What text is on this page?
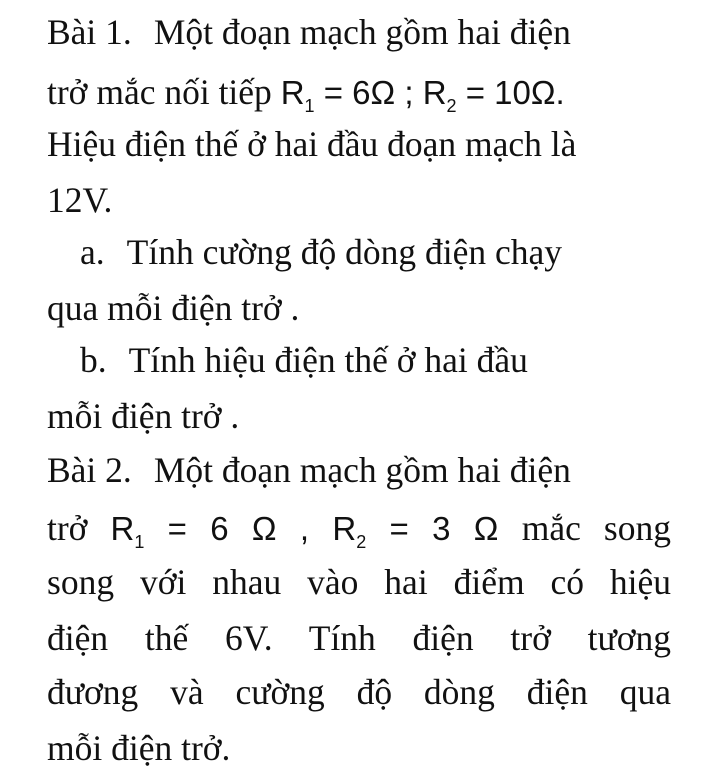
Bài 1. Một đoạn mạch gồm hai điện
trở mắc nối tiếp $R_1 = 6\Omega$ ; $R_2 = 10\Omega$.
Hiệu điện thế ở hai đầu đoạn mạch là
12V.
a. Tính cường độ dòng điện chạy
qua mỗi điện trở .
b. Tính hiệu điện thế ở hai đầu
mỗi điện trở .
Bài 2. Một đoạn mạch gồm hai điện
trở $R_1 = 6$ Ω , $R_2 = 3$ Ω mắc song
song với nhau vào hai điểm có hiệu
điện thế 6V. Tính điện trở tương
đương và cường độ dòng điện qua
mỗi điện trở.
